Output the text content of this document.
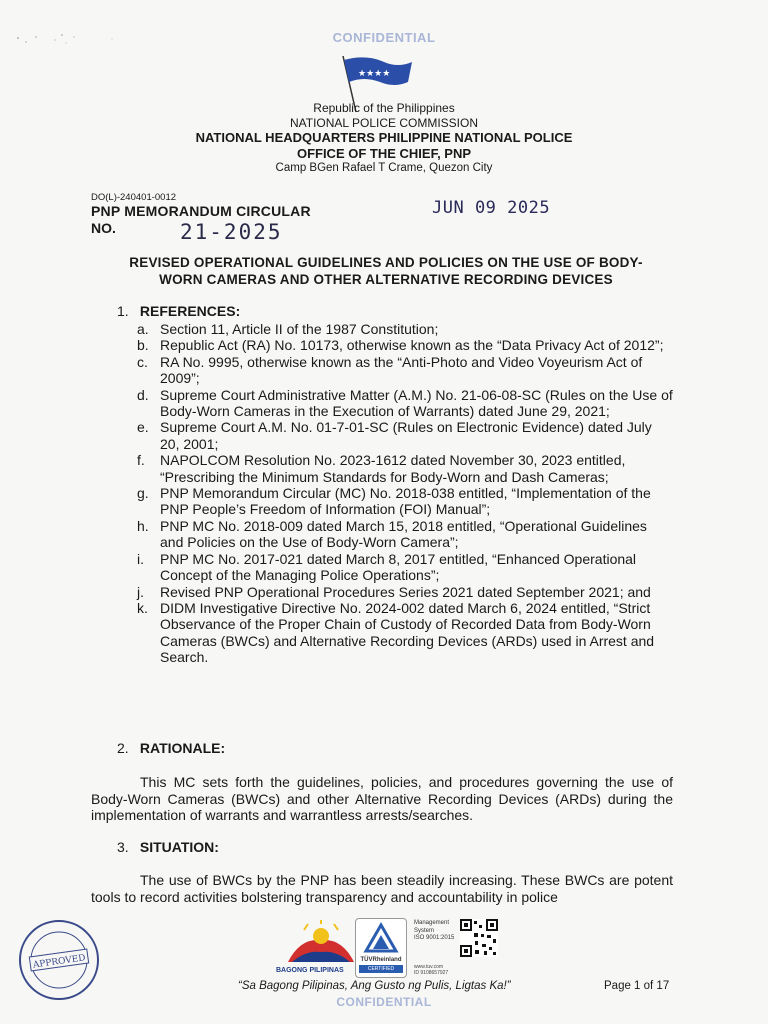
CONFIDENTIAL
★★★★
Republic of the Philippines
NATIONAL POLICE COMMISSION
NATIONAL HEADQUARTERS PHILIPPINE NATIONAL POLICE
OFFICE OF THE CHIEF, PNP
Camp BGen Rafael T Crame, Quezon City
DO(L)-240401-0012
PNP MEMORANDUM CIRCULAR
NO.	21-2025
JUN 09 2025
REVISED OPERATIONAL GUIDELINES AND POLICIES ON THE USE OF BODY-
WORN CAMERAS AND OTHER ALTERNATIVE RECORDING DEVICES
1. REFERENCES:
a. Section 11, Article II of the 1987 Constitution;
b. Republic Act (RA) No. 10173, otherwise known as the “Data Privacy Act of 2012”;
c. RA No. 9995, otherwise known as the “Anti-Photo and Video Voyeurism Act of 2009”;
d. Supreme Court Administrative Matter (A.M.) No. 21-06-08-SC (Rules on the Use of Body-Worn Cameras in the Execution of Warrants) dated June 29, 2021;
e. Supreme Court A.M. No. 01-7-01-SC (Rules on Electronic Evidence) dated July 20, 2001;
f. NAPOLCOM Resolution No. 2023-1612 dated November 30, 2023 entitled, “Prescribing the Minimum Standards for Body-Worn and Dash Cameras;
g. PNP Memorandum Circular (MC) No. 2018-038 entitled, “Implementation of the PNP People’s Freedom of Information (FOI) Manual”;
h. PNP MC No. 2018-009 dated March 15, 2018 entitled, “Operational Guidelines and Policies on the Use of Body-Worn Camera”;
i. PNP MC No. 2017-021 dated March 8, 2017 entitled, “Enhanced Operational Concept of the Managing Police Operations”;
j. Revised PNP Operational Procedures Series 2021 dated September 2021; and
k. DIDM Investigative Directive No. 2024-002 dated March 6, 2024 entitled, “Strict Observance of the Proper Chain of Custody of Recorded Data from Body-Worn Cameras (BWCs) and Alternative Recording Devices (ARDs) used in Arrest and Search.
2. RATIONALE:
This MC sets forth the guidelines, policies, and procedures governing the use of Body-Worn Cameras (BWCs) and other Alternative Recording Devices (ARDs) during the implementation of warrants and warrantless arrests/searches.
3. SITUATION:
The use of BWCs by the PNP has been steadily increasing. These BWCs are potent tools to record activities bolstering transparency and accountability in police
APPROVED	BAGONG PILIPINAS
TÜVRheinland
CERTIFIED
Management
System
ISO 9001:2015
www.tuv.com
ID 9108657927
“Sa Bagong Pilipinas, Ang Gusto ng Pulis, Ligtas Ka!”	Page 1 of 17
CONFIDENTIAL
